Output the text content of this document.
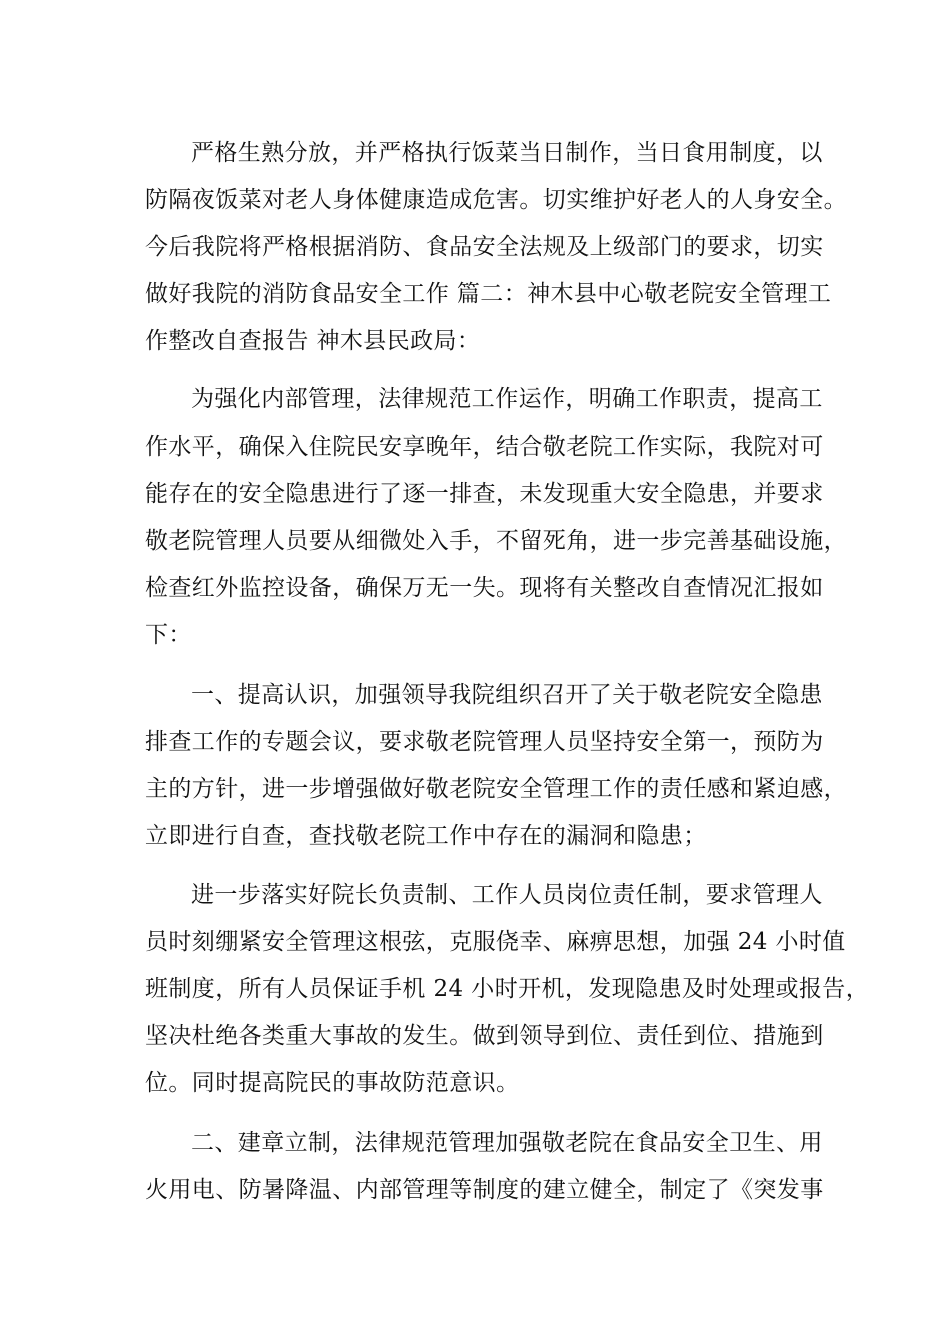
严格生熟分放，并严格执行饭菜当日制作，当日食用制度，以
防隔夜饭菜对老人身体健康造成危害。切实维护好老人的人身安全。
今后我院将严格根据消防、食品安全法规及上级部门的要求，切实
做好我院的消防食品安全工作 篇二：神木县中心敬老院安全管理工
作整改自查报告 神木县民政局：
为强化内部管理，法律规范工作运作，明确工作职责，提高工
作水平，确保入住院民安享晚年，结合敬老院工作实际，我院对可
能存在的安全隐患进行了逐一排查，未发现重大安全隐患，并要求
敬老院管理人员要从细微处入手，不留死角，进一步完善基础设施，
检查红外监控设备，确保万无一失。现将有关整改自查情况汇报如
下：
一、提高认识，加强领导我院组织召开了关于敬老院安全隐患
排查工作的专题会议，要求敬老院管理人员坚持安全第一，预防为
主的方针，进一步增强做好敬老院安全管理工作的责任感和紧迫感，
立即进行自查，查找敬老院工作中存在的漏洞和隐患；
进一步落实好院长负责制、工作人员岗位责任制，要求管理人
员时刻绷紧安全管理这根弦，克服侥幸、麻痹思想，加强 24 小时值
班制度，所有人员保证手机 24 小时开机，发现隐患及时处理或报告，
坚决杜绝各类重大事故的发生。做到领导到位、责任到位、措施到
位。同时提高院民的事故防范意识。
二、建章立制，法律规范管理加强敬老院在食品安全卫生、用
火用电、防暑降温、内部管理等制度的建立健全，制定了《突发事
